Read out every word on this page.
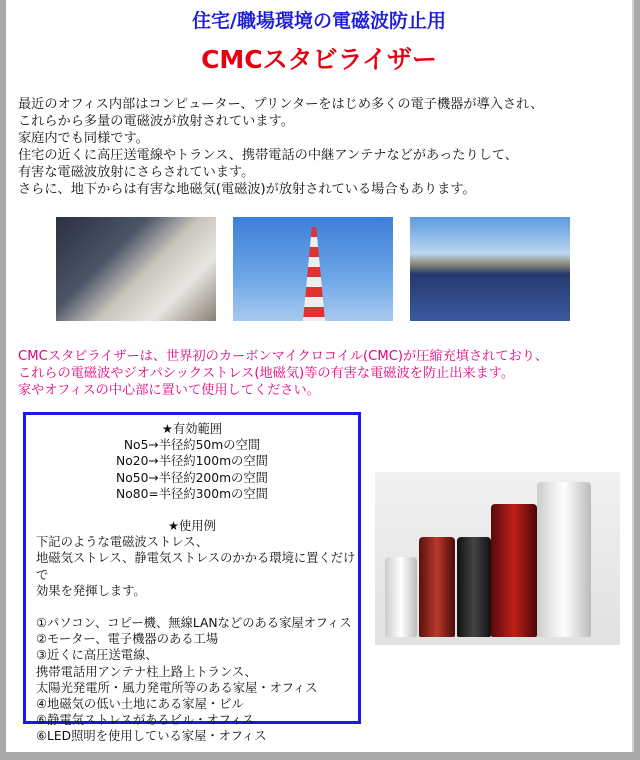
住宅/職場環境の電磁波防止用
CMCスタビライザー
最近のオフィス内部はコンピューター、プリンターをはじめ多くの電子機器が導入され、
これらから多量の電磁波が放射されています。
家庭内でも同様です。
住宅の近くに高圧送電線やトランス、携帯電話の中継アンテナなどがあったりして、
有害な電磁波放射にさらされています。
さらに、地下からは有害な地磁気(電磁波)が放射されている場合もあります。
CMCスタビライザーは、世界初のカーボンマイクロコイル(CMC)が圧縮充填されており、
これらの電磁波やジオパシックストレス(地磁気)等の有害な電磁波を防止出来ます。
家やオフィスの中心部に置いて使用してください。
★有効範囲
No5→半径約50mの空間
No20→半径約100mの空間
No50→半径約200mの空間
No80=半径約300mの空間
★使用例
下記のような電磁波ストレス、
地磁気ストレス、静電気ストレスのかかる環境に置くだけで
効果を発揮します。
①パソコン、コピー機、無線LANなどのある家屋オフィス
②モーター、電子機器のある工場
③近くに高圧送電線、
携帯電話用アンテナ柱上路上トランス、
太陽光発電所・風力発電所等のある家屋・オフィス
④地磁気の低い土地にある家屋・ビル
⑥静電気ストレスがあるビル・オフィス
⑥LED照明を使用している家屋・オフィス
